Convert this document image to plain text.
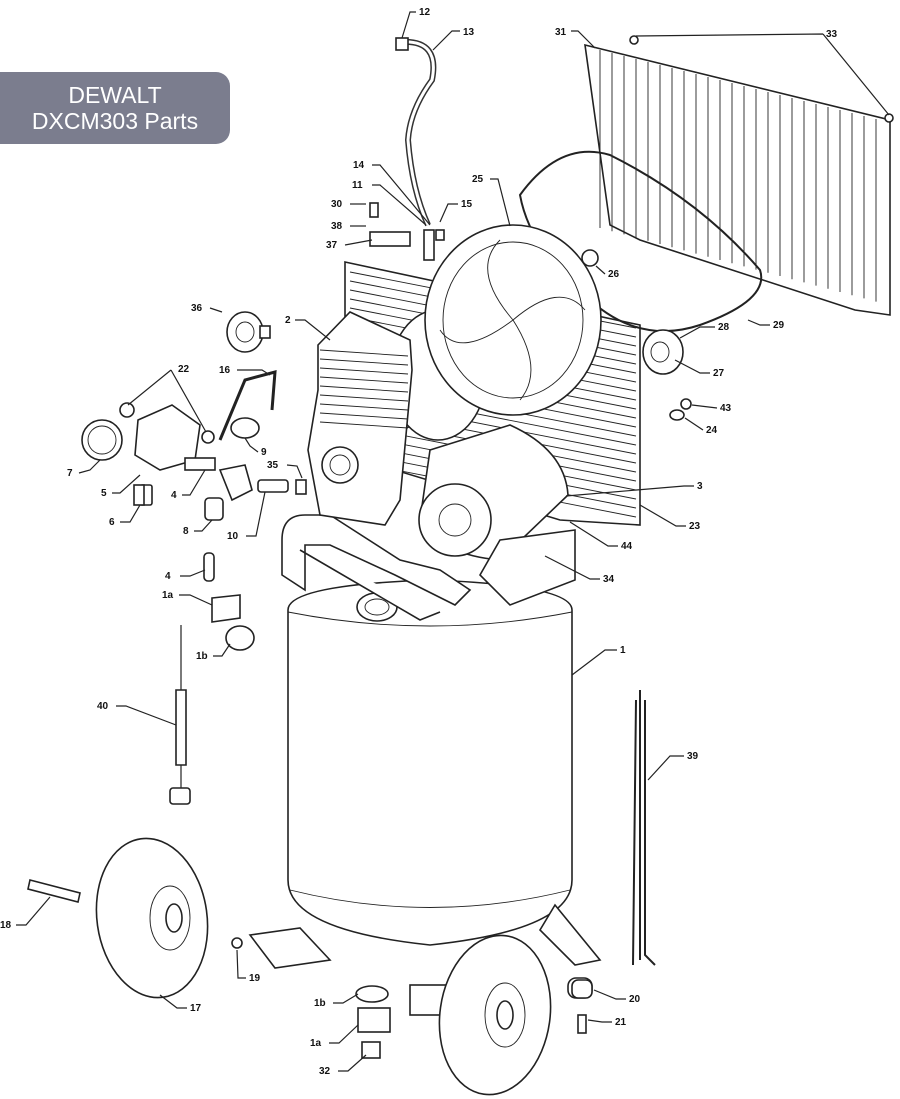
12
13	31	33
14
11
30	15
25
38
37
26
36
2
28	29
27
22	16
43
24
7
9
35
5	4
3
6
8	10
23
44
4	34
1a
1b
1
40
39
18
19
17	1b	20
1a
21
32
DEWALT
DXCM303 Parts
